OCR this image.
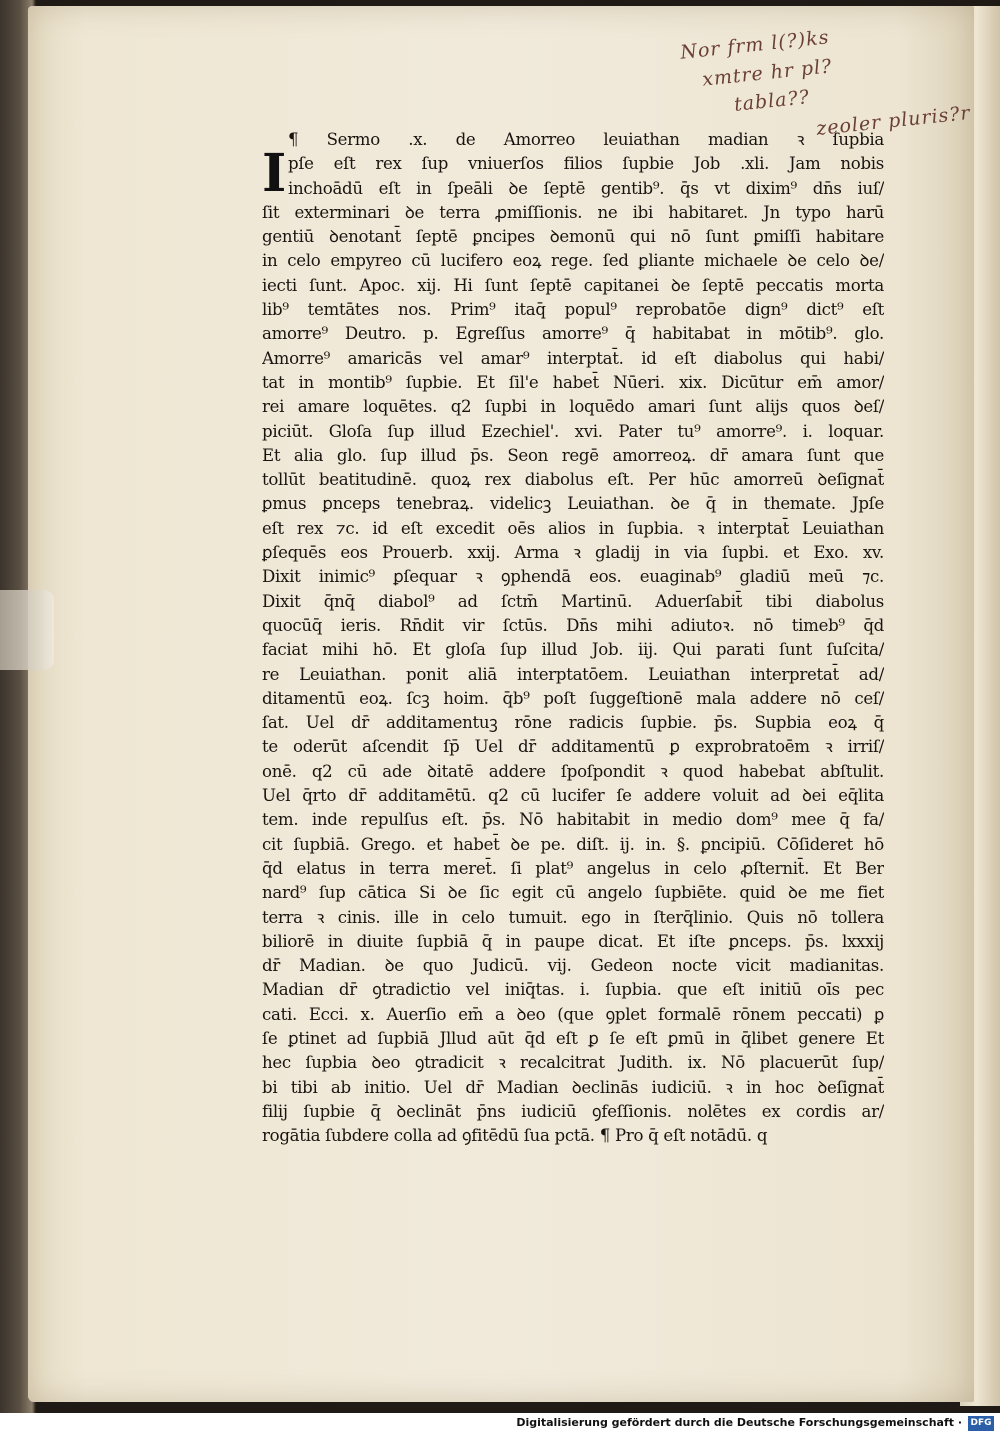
Nor frm l(?)ks
xmtre hr pl?
tabla??
zeoler pluris?r
¶ Sermo .x. de Amorreo leuiathan madian ꝛ ſupbia
pſe eſt rex ſup vniuerſos filios ſupbie Job .xli. Jam nobis
inchoādū eſt in ſpeāli ꝺe ſeptē gentib⁹. q̄s vt dixim⁹ dn̄s iuſ/
ſit exterminari ꝺe terra ꝓmiſſionis. ne ibi habitaret. Jn typo harū
gentiū ꝺenotant̄ ſeptē ꝑncipes ꝺemonū qui nō ſunt ꝑmiſſi habitare
in celo empyreo cū lucifero eoꝝ rege. ſed ꝑliante michaele ꝺe celo ꝺe/
iecti ſunt. Apoc. xij. Hi ſunt ſeptē capitanei ꝺe ſeptē peccatis morta
lib⁹ temtātes nos. Prim⁹ itaq̄ popul⁹ reprobatōe dign⁹ dict⁹ eſt
amorre⁹ Deutro. p. Egreſſus amorre⁹ q̄ habitabat in mōtib⁹. glo.
Amorre⁹ amaricās vel amar⁹ interptat̄. id eſt diabolus qui habi/
tat in montib⁹ ſupbie. Et ſil'e habet̄ Nūeri. xix. Dicūtur em̄ amor/
rei amare loquētes. q2 ſupbi in loquēdo amari ſunt alijs quos ꝺeſ/
piciūt. Gloſa ſup illud Ezechiel'. xvi. Pater tu⁹ amorre⁹. i. loquar.
Et alia glo. ſup illud p̄s. Seon regē amorreoꝝ. dr̄ amara ſunt que
tollūt beatitudinē. quoꝝ rex diabolus eſt. Per hūc amorreū ꝺeſignat̄
ꝑmus ꝑnceps tenebraꝝ. videlicꝫ Leuiathan. ꝺe q̄ in themate. Jpſe
eſt rex ⁊c. id eſt excedit oēs alios in ſupbia. ꝛ interptat̄ Leuiathan
ꝑſequēs eos Prouerb. xxij. Arma ꝛ gladij in via ſupbi. et Exo. xv.
Dixit inimic⁹ ꝑſequar ꝛ ꝯphendā eos. euaginab⁹ gladiū meū ⁊c.
Dixit q̄nq̄ diabol⁹ ad ſctm̄ Martinū. Aduerſabit̄ tibi diabolus
quocūq̄ ieris. Rn̄dit vir ſctūs. Dn̄s mihi adiutoꝛ. nō timeb⁹ q̄d
faciat mihi hō. Et gloſa ſup illud Job. iij. Qui parati ſunt ſuſcita/
re Leuiathan. ponit aliā interptatōem. Leuiathan interpretat̄ ad/
ditamentū eoꝝ. ſcꝫ hoim. q̄b⁹ poſt ſuggeſtionē mala addere nō ceſ/
ſat. Uel dr̄ additamentuꝫ rōne radicis ſupbie. p̄s. Supbia eoꝝ q̄
te oderūt aſcendit ſp̄ Uel dr̄ additamentū ꝑ exprobratoēm ꝛ irriſ/
onē. q2 cū ade ꝺitatē addere ſpoſpondit ꝛ quod habebat abſtulit.
Uel q̄rto dr̄ additamētū. q2 cū lucifer ſe addere voluit ad ꝺei eq̄lita
tem. inde repulſus eſt. p̄s. Nō habitabit in medio dom⁹ mee q̄ fa/
cit ſupbiā. Grego. et habet̄ ꝺe pe. diſt. ij. in. §. ꝑncipiū. Cōſideret hō
q̄d elatus in terra meret̄. ſi plat⁹ angelus in celo ꝓſternit̄. Et Ber
nard⁹ ſup cātica Si ꝺe ſic egit cū angelo ſupbiēte. quid ꝺe me fiet
terra ꝛ cinis. ille in celo tumuit. ego in ſterq̄linio. Quis nō tollera
biliorē in diuite ſupbiā q̄ in paupe dicat. Et iſte ꝑnceps. p̄s. lxxxij
dr̄ Madian. ꝺe quo Judicū. vij. Gedeon nocte vicit madianitas.
Madian dr̄ ꝯtradictio vel iniq̄tas. i. ſupbia. que eſt initiū oīs pec
cati. Ecci. x. Auerſio em̄ a ꝺeo (que ꝯplet formalē rōnem peccati) ꝑ
ſe ꝑtinet ad ſupbiā Jllud aūt q̄d eſt ꝑ ſe eſt ꝑmū in q̄libet genere Et
hec ſupbia ꝺeo ꝯtradicit ꝛ recalcitrat Judith. ix. Nō placuerūt ſup/
bi tibi ab initio. Uel dr̄ Madian ꝺeclinās iudiciū. ꝛ in hoc ꝺeſignat̄
filij ſupbie q̄ ꝺeclināt p̄ns iudiciū ꝯfeſſionis. nolētes ex cordis ar/
rogātia ſubdere colla ad ꝯfitēdū ſua pctā. ¶ Pro q̄ eſt notādū. q
Digitalisierung gefördert durch die Deutsche Forschungsgemeinschaft · DFG
I
